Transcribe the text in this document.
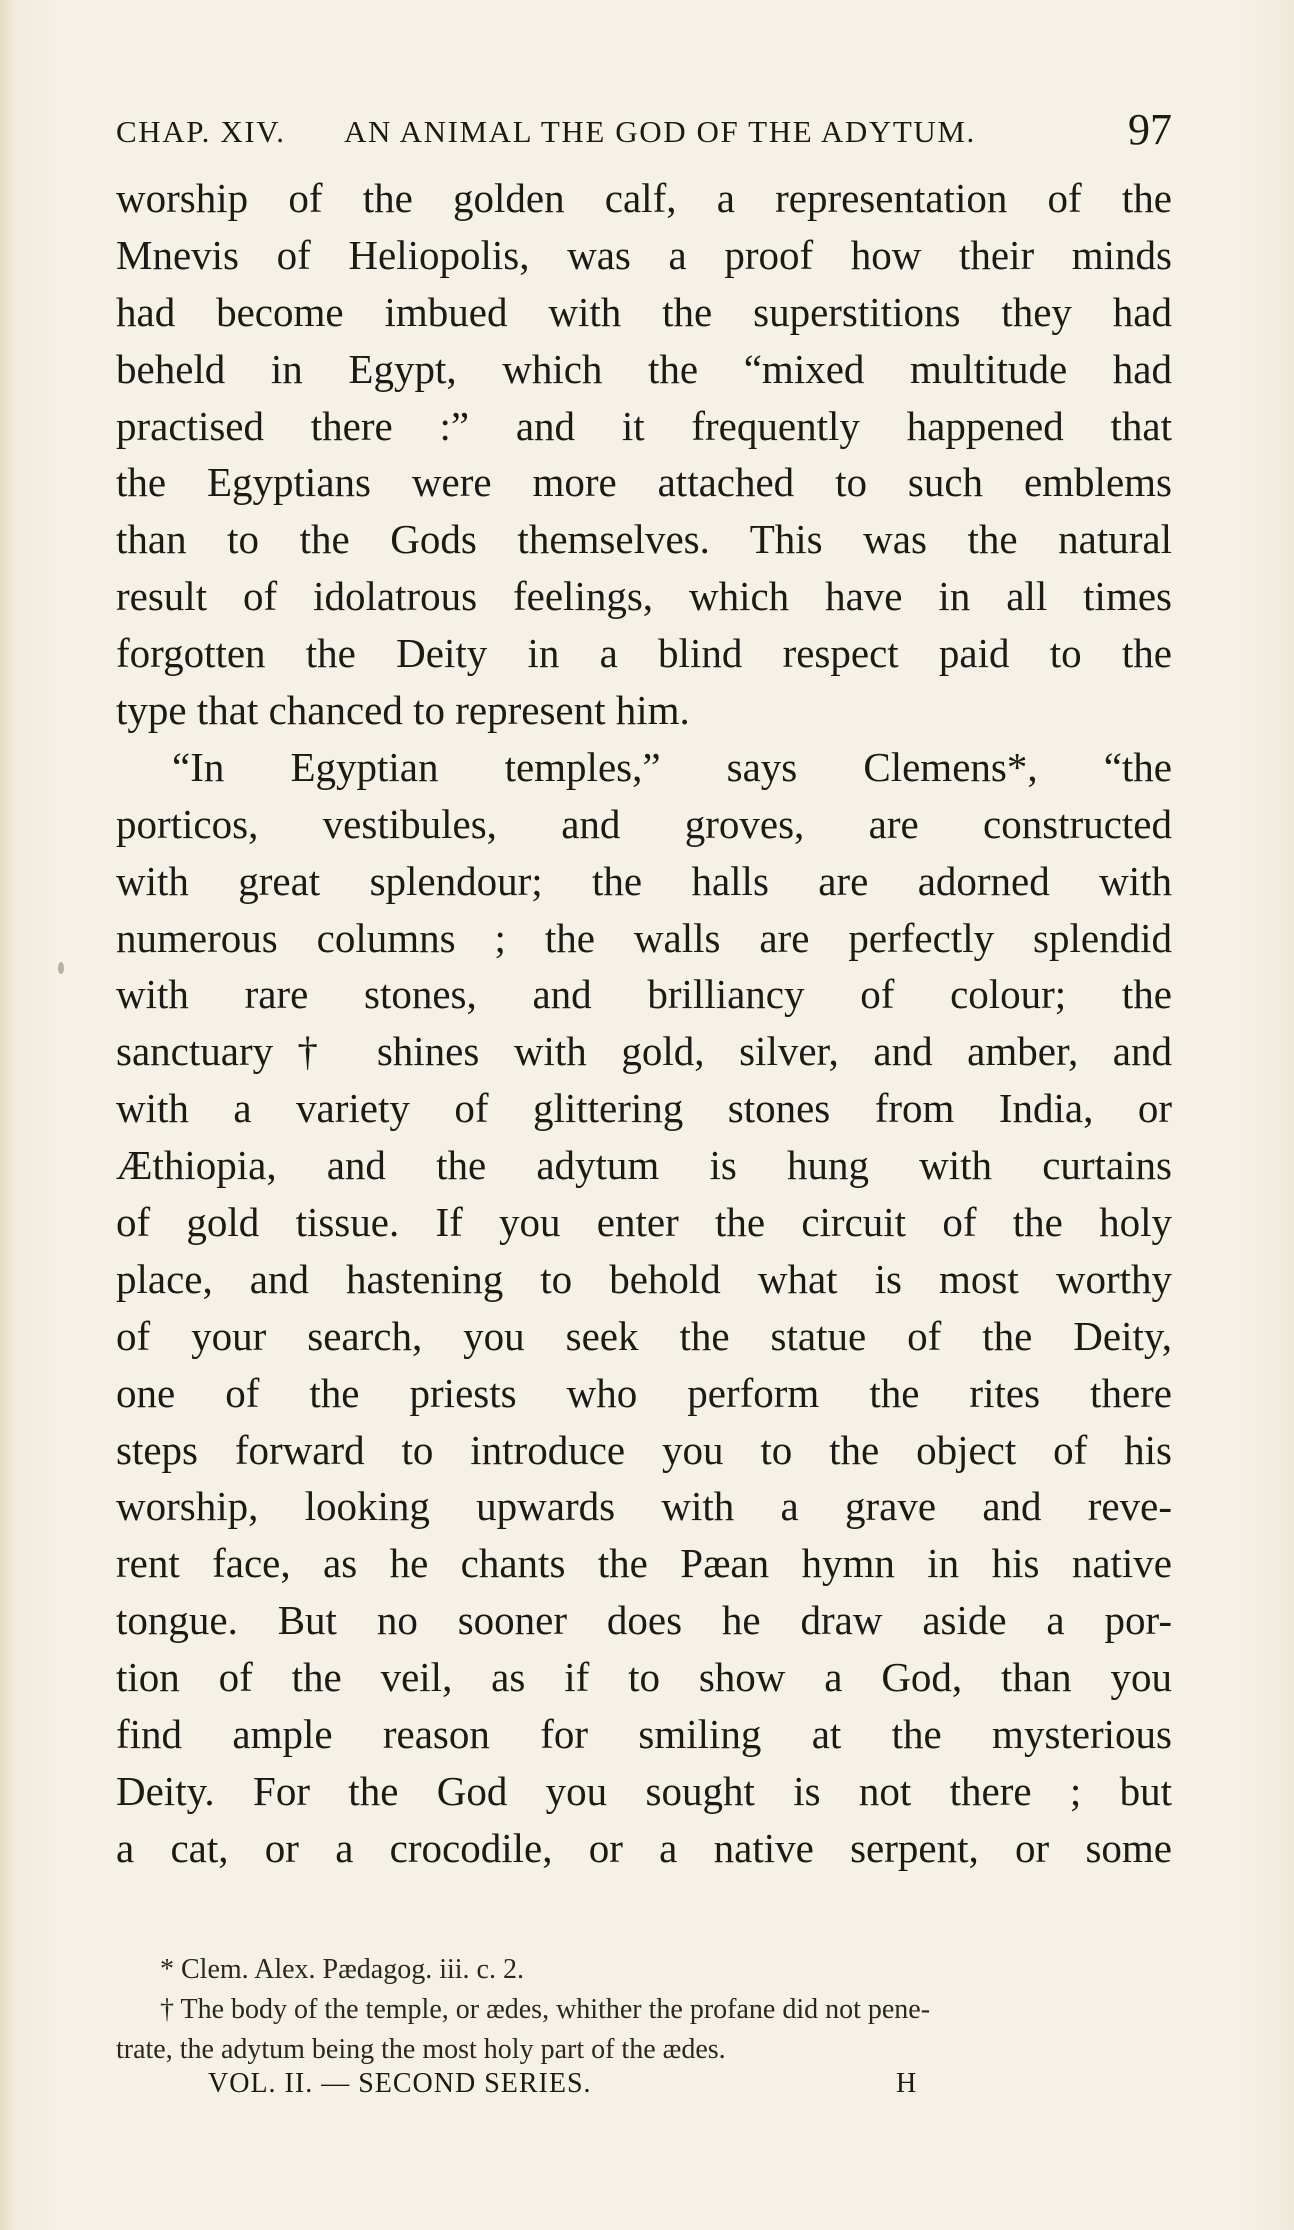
CHAP. XIV. AN ANIMAL THE GOD OF THE ADYTUM.	97
worship of the golden calf, a representation of the
Mnevis of Heliopolis, was a proof how their minds
had become imbued with the superstitions they had
beheld in Egypt, which the “mixed multitude had
practised there :” and it frequently happened that
the Egyptians were more attached to such emblems
than to the Gods themselves. This was the natural
result of idolatrous feelings, which have in all times
forgotten the Deity in a blind respect paid to the
type that chanced to represent him.
“In Egyptian temples,” says Clemens*, “the
porticos, vestibules, and groves, are constructed
with great splendour; the halls are adorned with
numerous columns ; the walls are perfectly splendid
with rare stones, and brilliancy of colour; the
sanctuary† shines with gold, silver, and amber, and
with a variety of glittering stones from India, or
Æthiopia, and the adytum is hung with curtains
of gold tissue. If you enter the circuit of the holy
place, and hastening to behold what is most worthy
of your search, you seek the statue of the Deity,
one of the priests who perform the rites there
steps forward to introduce you to the object of his
worship, looking upwards with a grave and reve-
rent face, as he chants the Pæan hymn in his native
tongue. But no sooner does he draw aside a por-
tion of the veil, as if to show a God, than you
find ample reason for smiling at the mysterious
Deity. For the God you sought is not there ; but
a cat, or a crocodile, or a native serpent, or some
* Clem. Alex. Pædagog. iii. c. 2.
† The body of the temple, or ædes, whither the profane did not pene-
trate, the adytum being the most holy part of the ædes.
VOL. II. — SECOND SERIES.	H
